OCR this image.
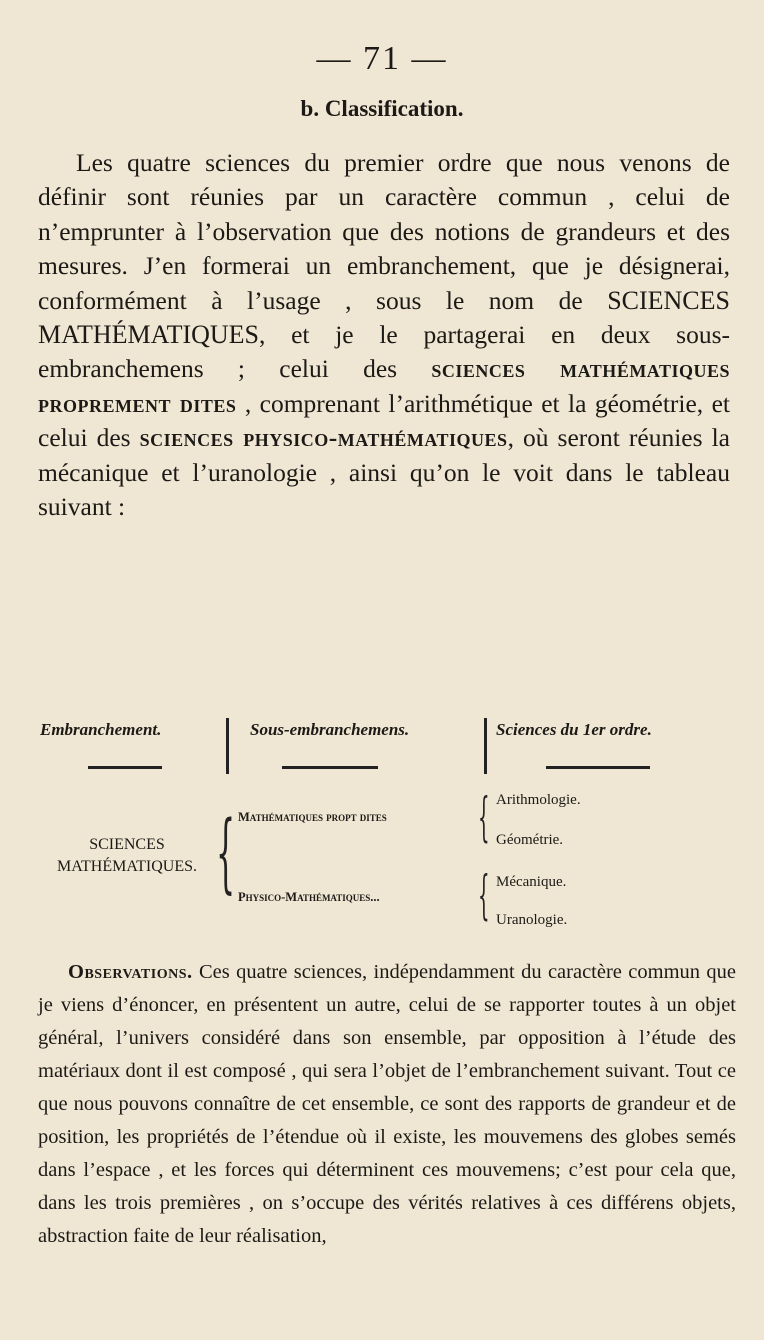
— 71 —
b. Classification.

Les quatre sciences du premier ordre que nous venons de définir sont réunies par un caractère commun , celui de n’emprunter à l’observation que des notions de grandeurs et des mesures. J’en formerai un embranchement, que je désignerai, conformément à l’usage , sous le nom de SCIENCES MATHÉMATIQUES, et je le partagerai en deux sous-embranchemens ; celui des sciences mathématiques proprement dites , comprenant l’arithmétique et la géométrie, et celui des sciences physico-mathématiques, où seront réunies la mécanique et l’uranologie , ainsi qu’on le voit dans le tableau suivant :

Embranchement.	Sous-embranchemens.	Sciences du 1er ordre.
SCIENCES
MATHÉMATIQUES. { Mathématiques propt dites
Physico-Mathématiques...
{
{
Arithmologie.
Géométrie.
Mécanique.
Uranologie.

Observations. Ces quatre sciences, indépendamment du caractère commun que je viens d’énoncer, en présentent un autre, celui de se rapporter toutes à un objet général, l’univers considéré dans son ensemble, par opposition à l’étude des matériaux dont il est composé , qui sera l’objet de l’embranchement suivant. Tout ce que nous pouvons connaître de cet ensemble, ce sont des rapports de grandeur et de position, les propriétés de l’étendue où il existe, les mouvemens des globes semés dans l’espace , et les forces qui déterminent ces mouvemens; c’est pour cela que, dans les trois premières , on s’occupe des vérités relatives à ces différens objets, abstraction faite de leur réalisation,
